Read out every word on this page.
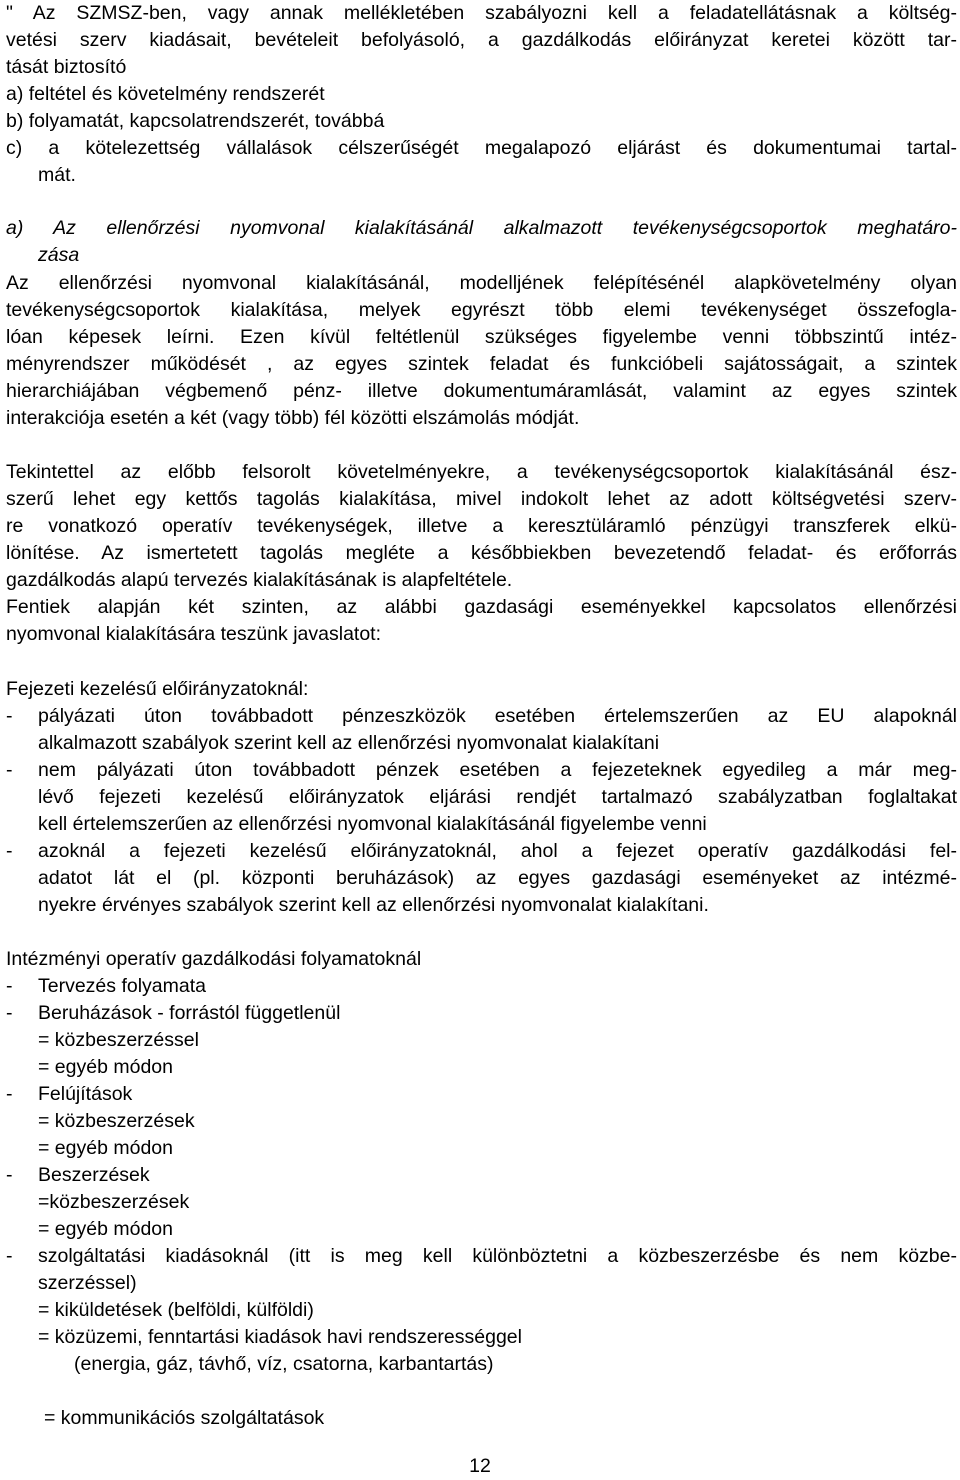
" Az SZMSZ-ben, vagy annak mellékletében szabályozni kell a feladatellátásnak a költség-
vetési szerv kiadásait, bevételeit befolyásoló, a gazdálkodás előirányzat keretei között tar-
tását biztosító
a) feltétel és követelmény rendszerét
b) folyamatát, kapcsolatrendszerét, továbbá
c) a kötelezettség vállalások célszerűségét megalapozó eljárást és dokumentumai tartal-
mát.
a) Az ellenőrzési nyomvonal kialakításánál alkalmazott tevékenységcsoportok meghatáro-
zása
Az ellenőrzési nyomvonal kialakításánál, modelljének felépítésénél alapkövetelmény olyan
tevékenységcsoportok kialakítása, melyek egyrészt több elemi tevékenységet összefogla-
lóan képesek leírni. Ezen kívül feltétlenül szükséges figyelembe venni többszintű intéz-
ményrendszer működését , az egyes szintek feladat és funkcióbeli sajátosságait, a szintek
hierarchiájában végbemenő pénz- illetve dokumentumáramlását, valamint az egyes szintek
interakciója esetén a két (vagy több) fél közötti elszámolás módját.
Tekintettel az előbb felsorolt követelményekre, a tevékenységcsoportok kialakításánál ész-
szerű lehet egy kettős tagolás kialakítása, mivel indokolt lehet az adott költségvetési szerv-
re vonatkozó operatív tevékenységek, illetve a keresztüláramló pénzügyi transzferek elkü-
lönítése. Az ismertetett tagolás megléte a későbbiekben bevezetendő feladat- és erőforrás
gazdálkodás alapú tervezés kialakításának is alapfeltétele.
Fentiek alapján két szinten, az alábbi gazdasági eseményekkel kapcsolatos ellenőrzési
nyomvonal kialakítására teszünk javaslatot:
Fejezeti kezelésű előirányzatoknál:
- pályázati úton továbbadott pénzeszközök esetében értelemszerűen az EU alapoknál
alkalmazott szabályok szerint kell az ellenőrzési nyomvonalat kialakítani
- nem pályázati úton továbbadott pénzek esetében a fejezeteknek egyedileg a már meg-
lévő fejezeti kezelésű előirányzatok eljárási rendjét tartalmazó szabályzatban foglaltakat
kell értelemszerűen az ellenőrzési nyomvonal kialakításánál figyelembe venni
- azoknál a fejezeti kezelésű előirányzatoknál, ahol a fejezet operatív gazdálkodási fel-
adatot lát el (pl. központi beruházások) az egyes gazdasági eseményeket az intézmé-
nyekre érvényes szabályok szerint kell az ellenőrzési nyomvonalat kialakítani.
Intézményi operatív gazdálkodási folyamatoknál
- Tervezés folyamata
- Beruházások - forrástól függetlenül
= közbeszerzéssel
= egyéb módon
- Felújítások
= közbeszerzések
= egyéb módon
- Beszerzések
=közbeszerzések
= egyéb módon
- szolgáltatási kiadásoknál (itt is meg kell különböztetni a közbeszerzésbe és nem közbe-
szerzéssel)
= kiküldetések (belföldi, külföldi)
= közüzemi, fenntartási kiadások havi rendszerességgel
(energia, gáz, távhő, víz, csatorna, karbantartás)
= kommunikációs szolgáltatások
12
